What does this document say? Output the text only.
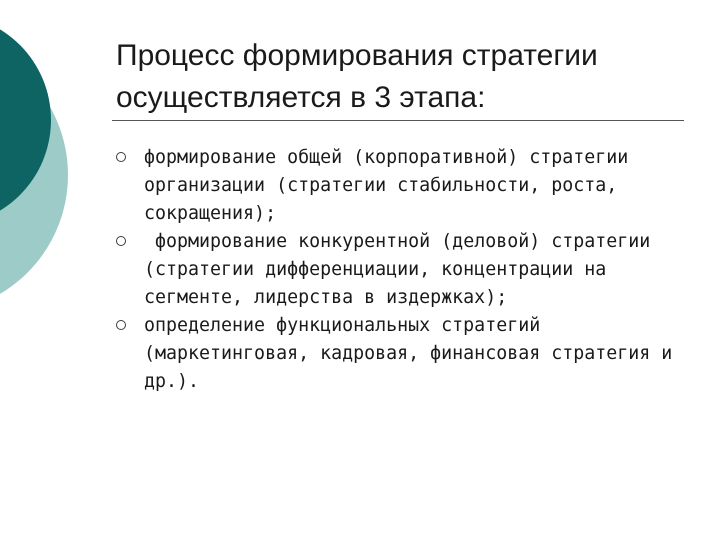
Процесс формирования стратегии осуществляется в 3 этапа:
формирование общей (корпоративной) стратегии организации (стратегии стабильности, роста, сокращения);
формирование конкурентной (деловой) стратегии (стратегии дифференциации, концентрации на сегменте, лидерства в издержках);
определение функциональных стратегий (маркетинговая, кадровая, финансовая стратегия и др.).
